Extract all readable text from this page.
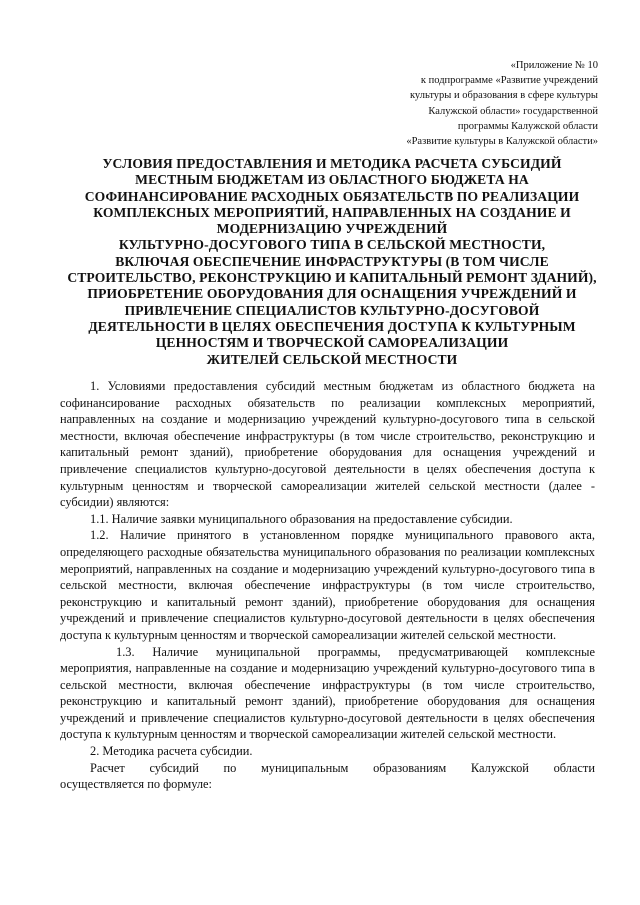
«Приложение № 10
к подпрограмме «Развитие учреждений
культуры и образования в сфере культуры
Калужской области» государственной
программы Калужской области
«Развитие культуры в Калужской области»
УСЛОВИЯ ПРЕДОСТАВЛЕНИЯ И МЕТОДИКА РАСЧЕТА СУБСИДИЙ
МЕСТНЫМ БЮДЖЕТАМ ИЗ ОБЛАСТНОГО БЮДЖЕТА НА
СОФИНАНСИРОВАНИЕ РАСХОДНЫХ ОБЯЗАТЕЛЬСТВ ПО РЕАЛИЗАЦИИ
КОМПЛЕКСНЫХ МЕРОПРИЯТИЙ, НАПРАВЛЕННЫХ НА СОЗДАНИЕ И
МОДЕРНИЗАЦИЮ УЧРЕЖДЕНИЙ
КУЛЬТУРНО-ДОСУГОВОГО ТИПА В СЕЛЬСКОЙ МЕСТНОСТИ,
ВКЛЮЧАЯ ОБЕСПЕЧЕНИЕ ИНФРАСТРУКТУРЫ (В ТОМ ЧИСЛЕ
СТРОИТЕЛЬСТВО, РЕКОНСТРУКЦИЮ И КАПИТАЛЬНЫЙ РЕМОНТ ЗДАНИЙ),
ПРИОБРЕТЕНИЕ ОБОРУДОВАНИЯ ДЛЯ ОСНАЩЕНИЯ УЧРЕЖДЕНИЙ И
ПРИВЛЕЧЕНИЕ СПЕЦИАЛИСТОВ КУЛЬТУРНО-ДОСУГОВОЙ
ДЕЯТЕЛЬНОСТИ В ЦЕЛЯХ ОБЕСПЕЧЕНИЯ ДОСТУПА К КУЛЬТУРНЫМ
ЦЕННОСТЯМ И ТВОРЧЕСКОЙ САМОРЕАЛИЗАЦИИ
ЖИТЕЛЕЙ СЕЛЬСКОЙ МЕСТНОСТИ

1. Условиями предоставления субсидий местным бюджетам из областного бюджета на софинансирование расходных обязательств по реализации комплексных мероприятий, направленных на создание и модернизацию учреждений культурно-досугового типа в сельской местности, включая обеспечение инфраструктуры (в том числе строительство, реконструкцию и капитальный ремонт зданий), приобретение оборудования для оснащения учреждений и привлечение специалистов культурно-досуговой деятельности в целях обеспечения доступа к культурным ценностям и творческой самореализации жителей сельской местности (далее - субсидии) являются:

1.1. Наличие заявки муниципального образования на предоставление субсидии.

1.2. Наличие принятого в установленном порядке муниципального правового акта, определяющего расходные обязательства муниципального образования по реализации комплексных мероприятий, направленных на создание и модернизацию учреждений культурно-досугового типа в сельской местности, включая обеспечение инфраструктуры (в том числе строительство, реконструкцию и капитальный ремонт зданий), приобретение оборудования для оснащения учреждений и привлечение специалистов культурно-досуговой деятельности в целях обеспечения доступа к культурным ценностям и творческой самореализации жителей сельской местности.

1.3. Наличие муниципальной программы, предусматривающей комплексные мероприятия, направленные на создание и модернизацию учреждений культурно-досугового типа в сельской местности, включая обеспечение инфраструктуры (в том числе строительство, реконструкцию и капитальный ремонт зданий), приобретение оборудования для оснащения учреждений и привлечение специалистов культурно-досуговой деятельности в целях обеспечения доступа к культурным ценностям и творческой самореализации жителей сельской местности.

2. Методика расчета субсидии.

Расчет субсидий по муниципальным образованиям Калужской области
осуществляется по формуле:
